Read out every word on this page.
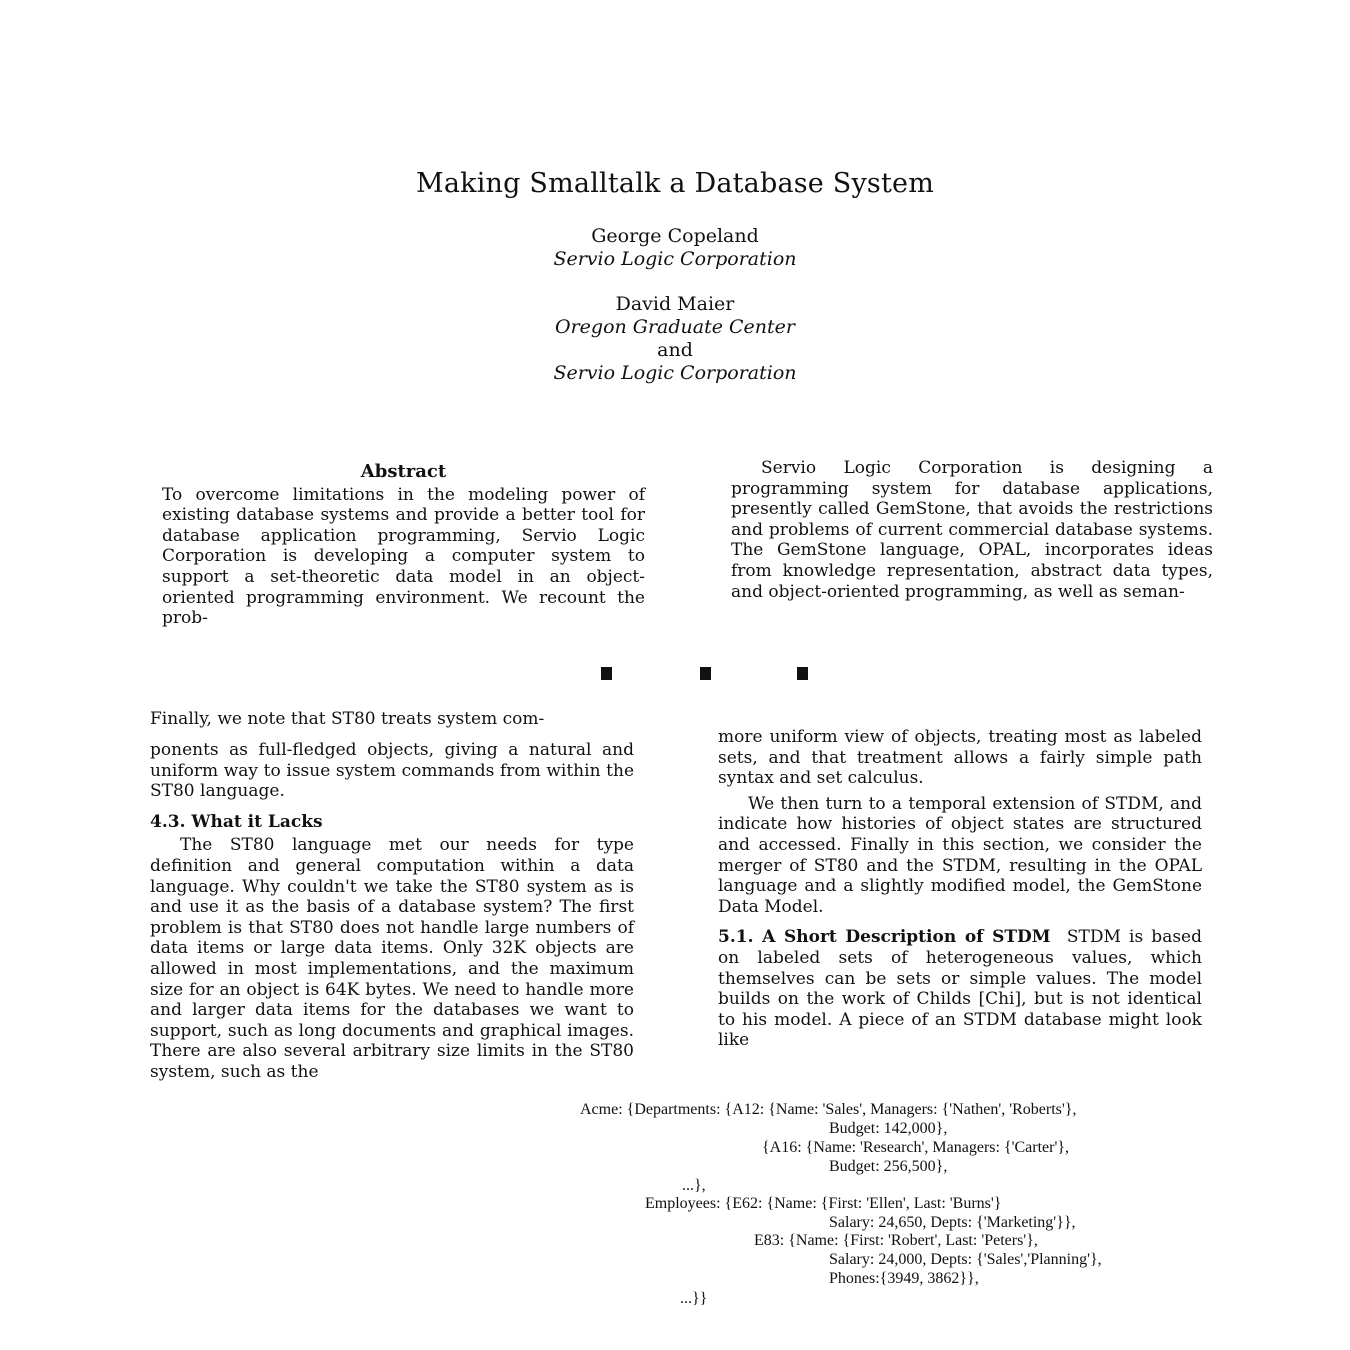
Making Smalltalk a Database System
George Copeland
Servio Logic Corporation
David Maier
Oregon Graduate Center
and
Servio Logic Corporation
Abstract

To overcome limitations in the modeling power of existing database systems and provide a better tool for database application programming, Servio Logic Corporation is developing a computer system to support a set-theoretic data model in an object-oriented programming environment. We recount the prob-

Servio Logic Corporation is designing a programming system for database applications, presently called GemStone, that avoids the restrictions and problems of current commercial database systems. The GemStone language, OPAL, incorporates ideas from knowledge representation, abstract data types, and object-oriented programming, as well as seman-

Finally, we note that ST80 treats system com-

ponents as full-fledged objects, giving a natural and uniform way to issue system commands from within the ST80 language.

4.3. What it Lacks

The ST80 language met our needs for type definition and general computation within a data language. Why couldn't we take the ST80 system as is and use it as the basis of a database system? The first problem is that ST80 does not handle large numbers of data items or large data items. Only 32K objects are allowed in most implementations, and the maximum size for an object is 64K bytes. We need to handle more and larger data items for the databases we want to support, such as long documents and graphical images. There are also several arbitrary size limits in the ST80 system, such as the

more uniform view of objects, treating most as labeled sets, and that treatment allows a fairly simple path syntax and set calculus.

We then turn to a temporal extension of STDM, and indicate how histories of object states are structured and accessed. Finally in this section, we consider the merger of ST80 and the STDM, resulting in the OPAL language and a slightly modified model, the GemStone Data Model.

5.1. A Short Description of STDM STDM is based on labeled sets of heterogeneous values, which themselves can be sets or simple values. The model builds on the work of Childs [Chi], but is not identical to his model. A piece of an STDM database might look like

Acme: {Departments: {A12: {Name: 'Sales', Managers: {'Nathen', 'Roberts'},

Budget: 142,000},

{A16: {Name: 'Research', Managers: {'Carter'},

Budget: 256,500},

...},

Employees: {E62: {Name: {First: 'Ellen', Last: 'Burns'}

Salary: 24,650, Depts: {'Marketing'}},

E83: {Name: {First: 'Robert', Last: 'Peters'},

Salary: 24,000, Depts: {'Sales','Planning'},

Phones:{3949, 3862}},

...}}
